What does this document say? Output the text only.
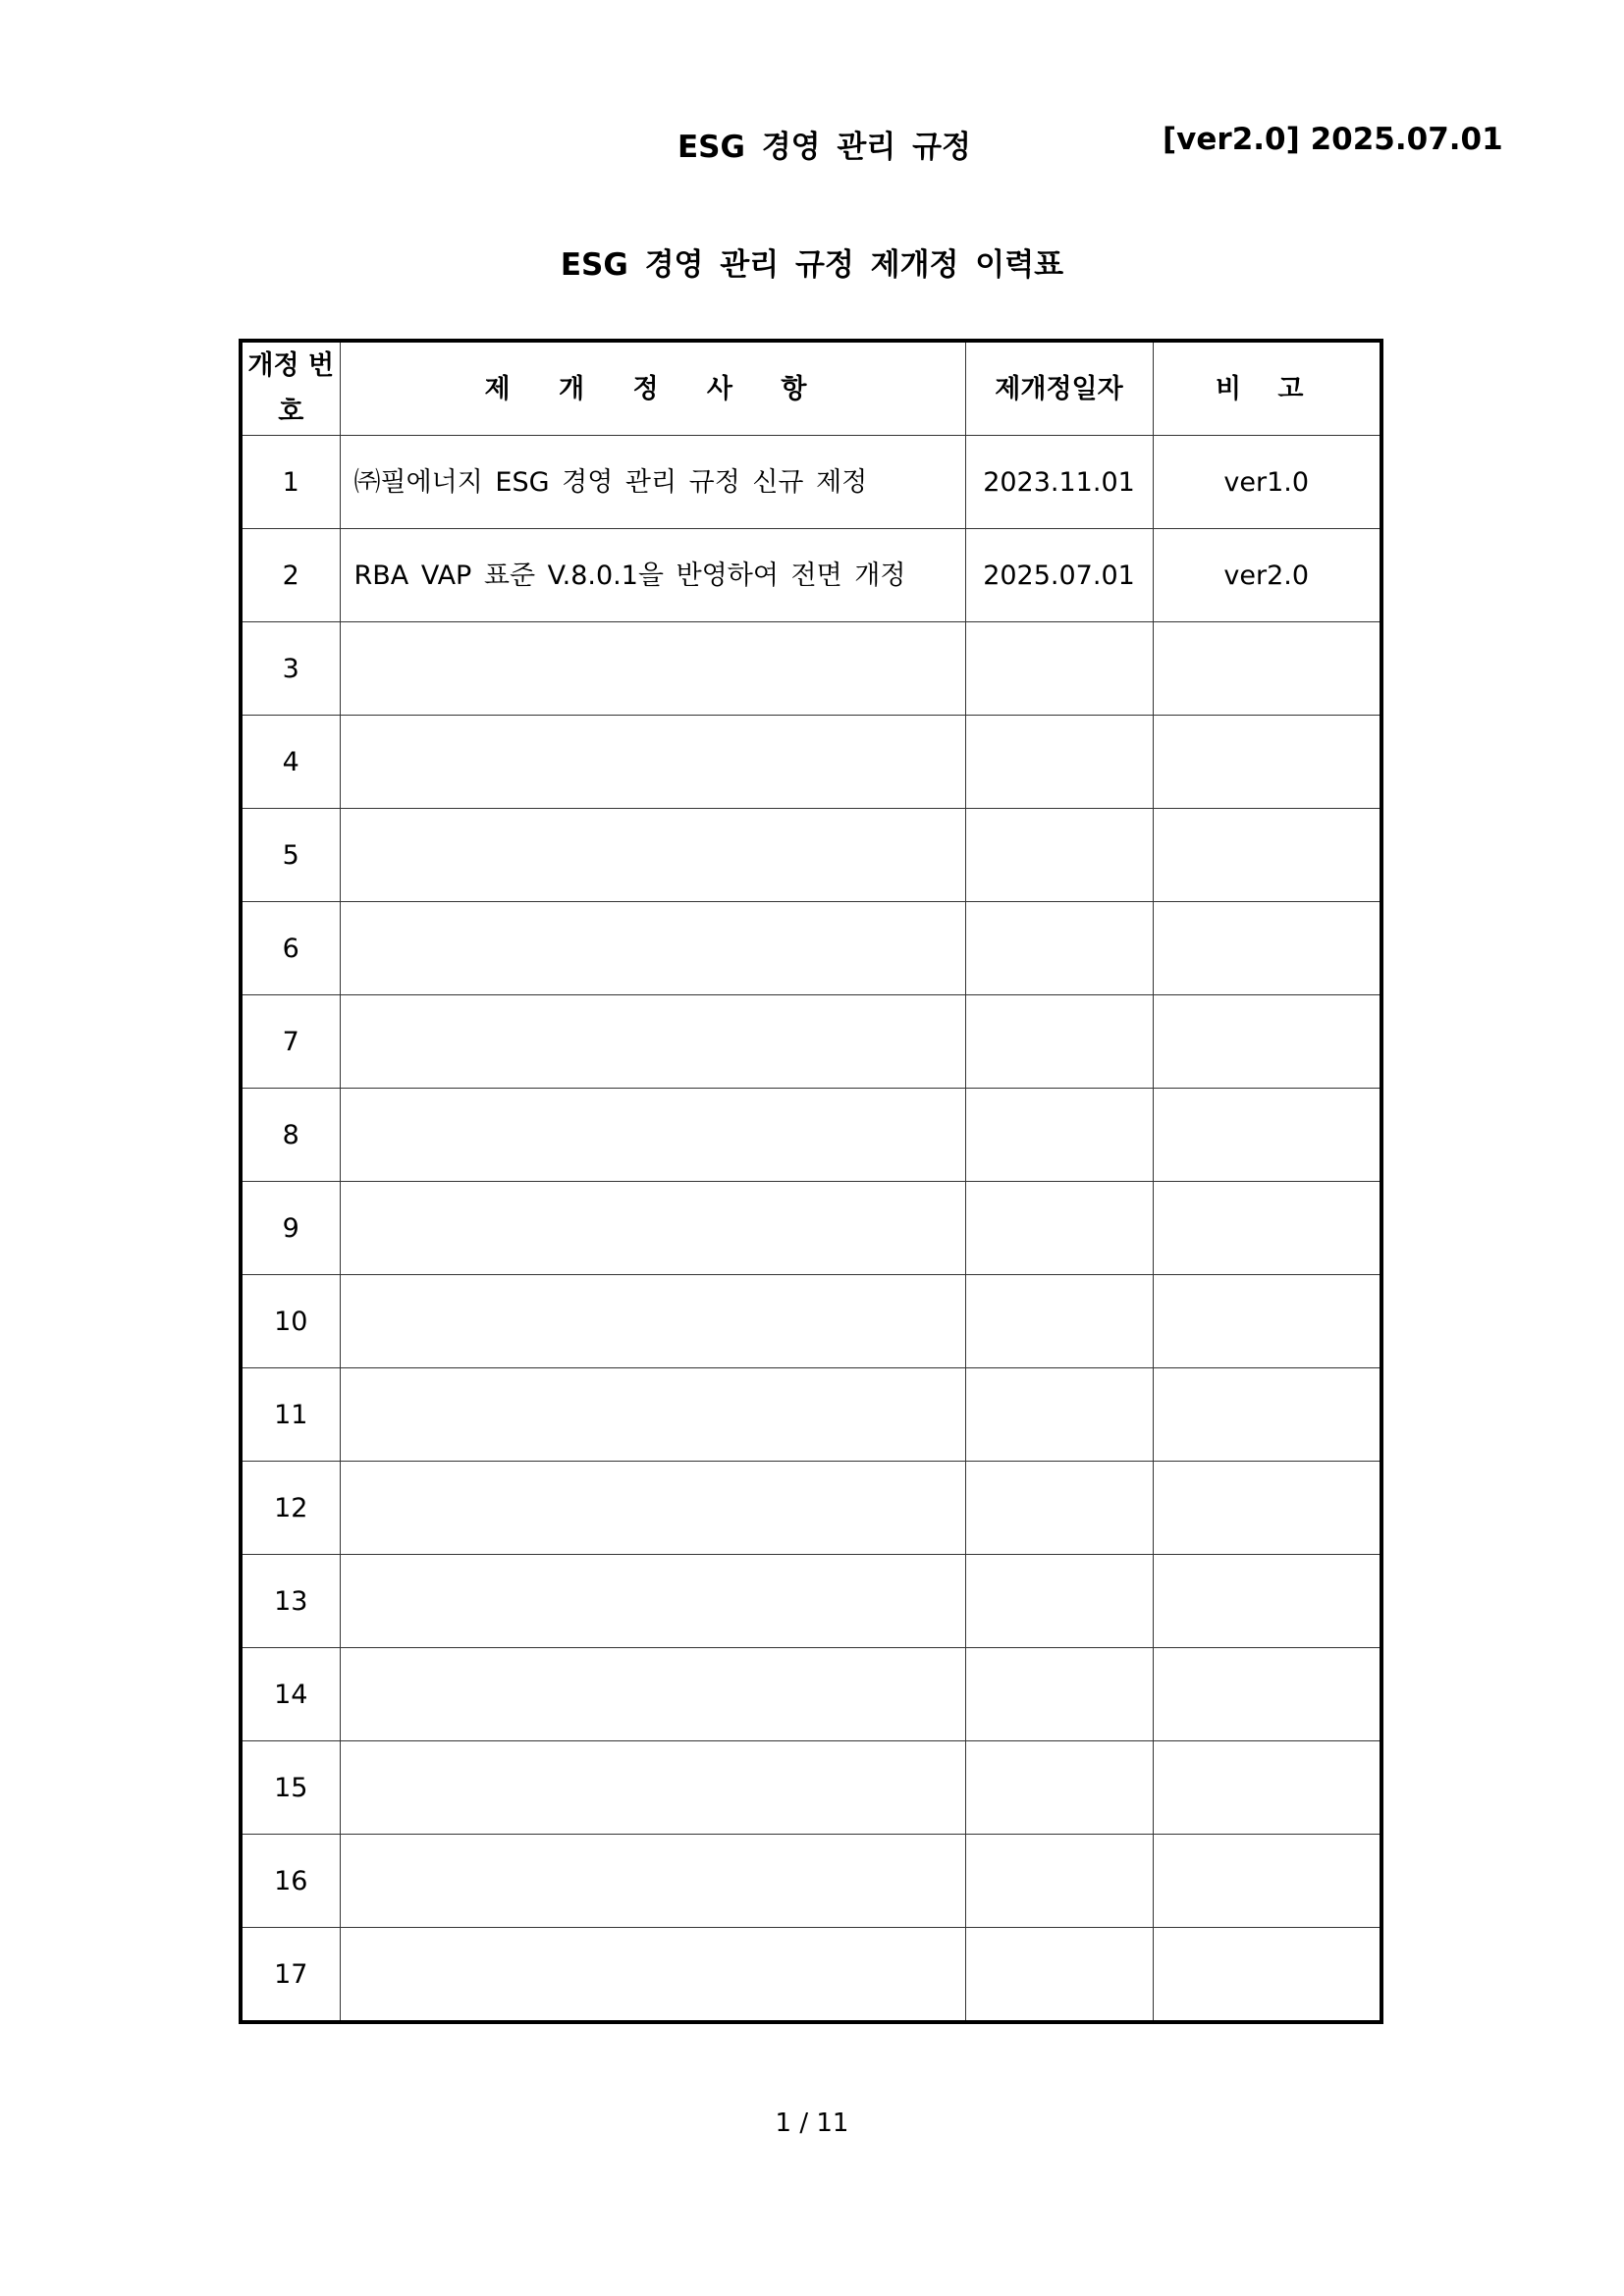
ESG 경영 관리 규정	[ver2.0] 2025.07.01
ESG 경영 관리 규정 제개정 이력표
개정 번호	제 개 정 사 항	제개정일자	비 고
1	㈜필에너지 ESG 경영 관리 규정 신규 제정	2023.11.01	ver1.0
2	RBA VAP 표준 V.8.0.1을 반영하여 전면 개정	2025.07.01	ver2.0
3			
4			
5			
6			
7			
8			
9			
10			
11			
12			
13			
14			
15			
16			
17			
1 / 11
